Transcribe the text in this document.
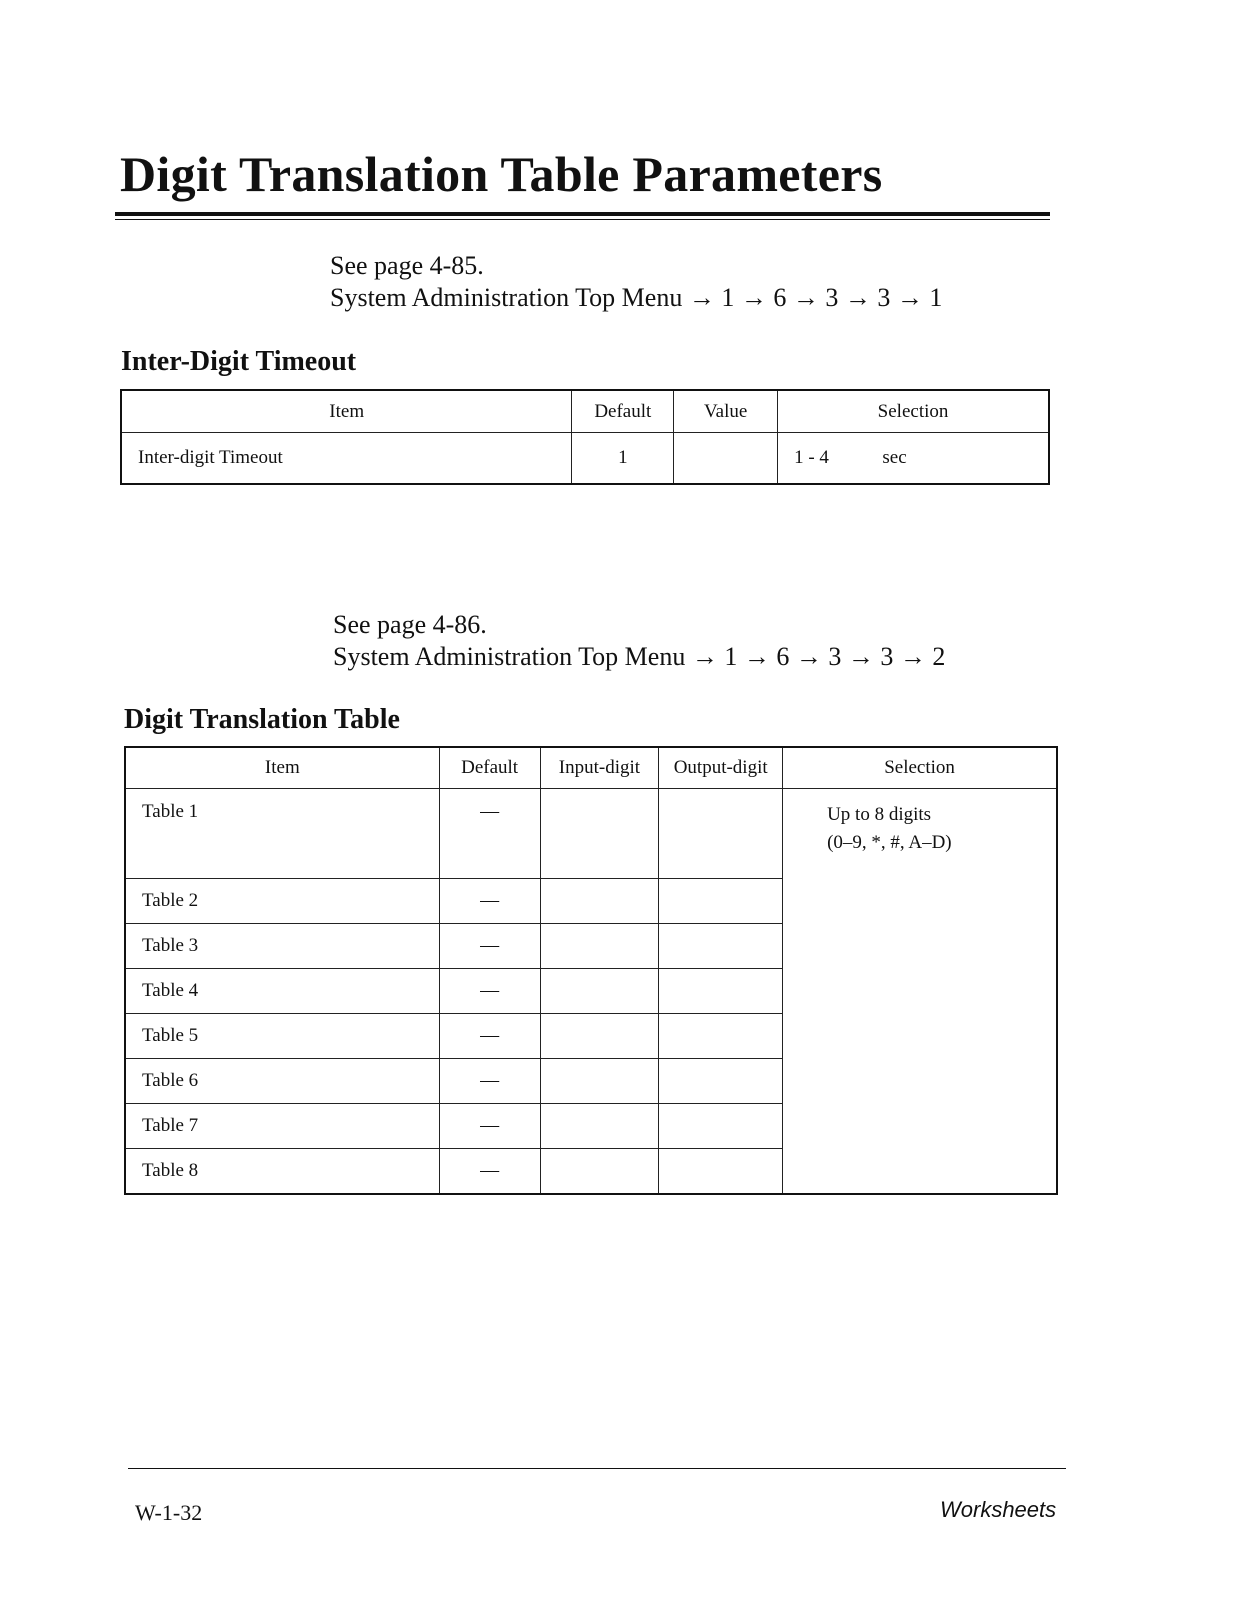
Digit Translation Table Parameters
See page 4-85.
System Administration Top Menu → 1 → 6 → 3 → 3 → 1
Inter-Digit Timeout
Item	Default	Value	Selection
Inter-digit Timeout	1		1 - 4 sec
See page 4-86.
System Administration Top Menu → 1 → 6 → 3 → 3 → 2
Digit Translation Table
Item	Default	Input-digit	Output-digit	Selection
Table 1	—			Up to 8 digits
(0–9, *, #, A–D)

Table 2	—			
Table 3	—			
Table 4	—			
Table 5	—			
Table 6	—			
Table 7	—			
Table 8	—			
W-1-32	Worksheets
